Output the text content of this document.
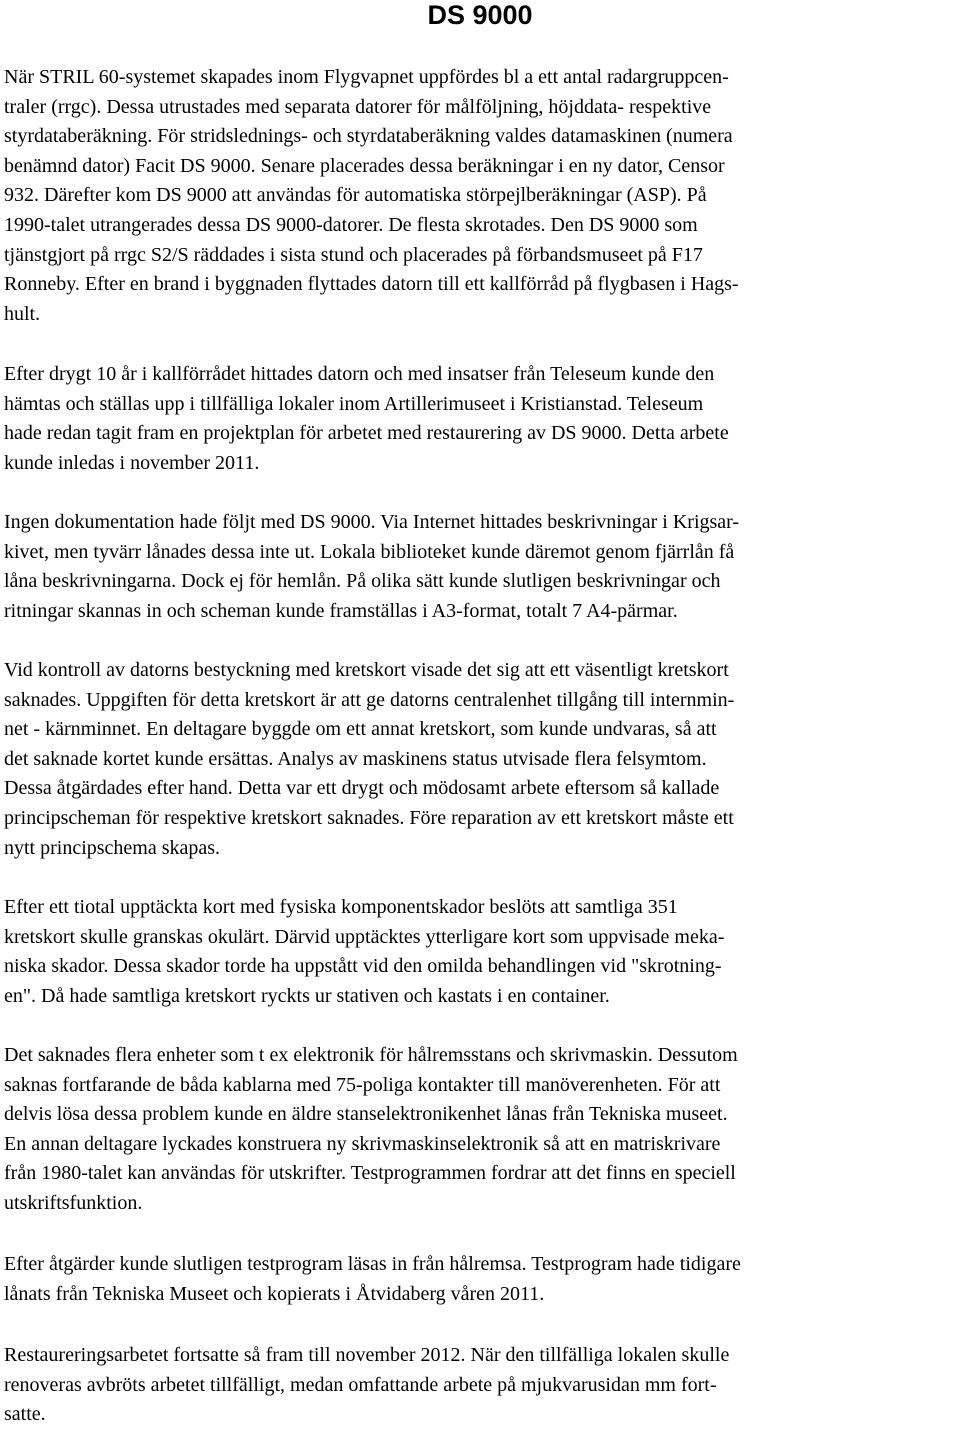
DS 9000
När STRIL 60-systemet skapades inom Flygvapnet uppfördes bl a ett antal radargruppcen-
traler (rrgc). Dessa utrustades med separata datorer för målföljning, höjddata- respektive
styrdataberäkning. För stridslednings- och styrdataberäkning valdes datamaskinen (numera
benämnd dator) Facit DS 9000. Senare placerades dessa beräkningar i en ny dator, Censor
932. Därefter kom DS 9000 att användas för automatiska störpejlberäkningar (ASP). På
1990-talet utrangerades dessa DS 9000-datorer. De flesta skrotades. Den DS 9000 som
tjänstgjort på rrgc S2/S räddades i sista stund och placerades på förbandsmuseet på F17
Ronneby. Efter en brand i byggnaden flyttades datorn till ett kallförråd på flygbasen i Hags-
hult.
Efter drygt 10 år i kallförrådet hittades datorn och med insatser från Teleseum kunde den
hämtas och ställas upp i tillfälliga lokaler inom Artillerimuseet i Kristianstad. Teleseum
hade redan tagit fram en projektplan för arbetet med restaurering av DS 9000. Detta arbete
kunde inledas i november 2011.
Ingen dokumentation hade följt med DS 9000. Via Internet hittades beskrivningar i Krigsar-
kivet, men tyvärr lånades dessa inte ut. Lokala biblioteket kunde däremot genom fjärrlån få
låna beskrivningarna. Dock ej för hemlån. På olika sätt kunde slutligen beskrivningar och
ritningar skannas in och scheman kunde framställas i A3-format, totalt 7 A4-pärmar.
Vid kontroll av datorns bestyckning med kretskort visade det sig att ett väsentligt kretskort
saknades. Uppgiften för detta kretskort är att ge datorns centralenhet tillgång till internmin-
net - kärnminnet. En deltagare byggde om ett annat kretskort, som kunde undvaras, så att
det saknade kortet kunde ersättas. Analys av maskinens status utvisade flera felsymtom.
Dessa åtgärdades efter hand. Detta var ett drygt och mödosamt arbete eftersom så kallade
principscheman för respektive kretskort saknades. Före reparation av ett kretskort måste ett
nytt principschema skapas.
Efter ett tiotal upptäckta kort med fysiska komponentskador beslöts att samtliga 351
kretskort skulle granskas okulärt. Därvid upptäcktes ytterligare kort som uppvisade meka-
niska skador. Dessa skador torde ha uppstått vid den omilda behandlingen vid "skrotning-
en". Då hade samtliga kretskort ryckts ur stativen och kastats i en container.
Det saknades flera enheter som t ex elektronik för hålremsstans och skrivmaskin. Dessutom
saknas fortfarande de båda kablarna med 75-poliga kontakter till manöverenheten. För att
delvis lösa dessa problem kunde en äldre stanselektronikenhet lånas från Tekniska museet.
En annan deltagare lyckades konstruera ny skrivmaskinselektronik så att en matriskrivare
från 1980-talet kan användas för utskrifter. Testprogrammen fordrar att det finns en speciell
utskriftsfunktion.
Efter åtgärder kunde slutligen testprogram läsas in från hålremsa. Testprogram hade tidigare
lånats från Tekniska Museet och kopierats i Åtvidaberg våren 2011.
Restaureringsarbetet fortsatte så fram till november 2012. När den tillfälliga lokalen skulle
renoveras avbröts arbetet tillfälligt, medan omfattande arbete på mjukvarusidan mm fort-
satte.
